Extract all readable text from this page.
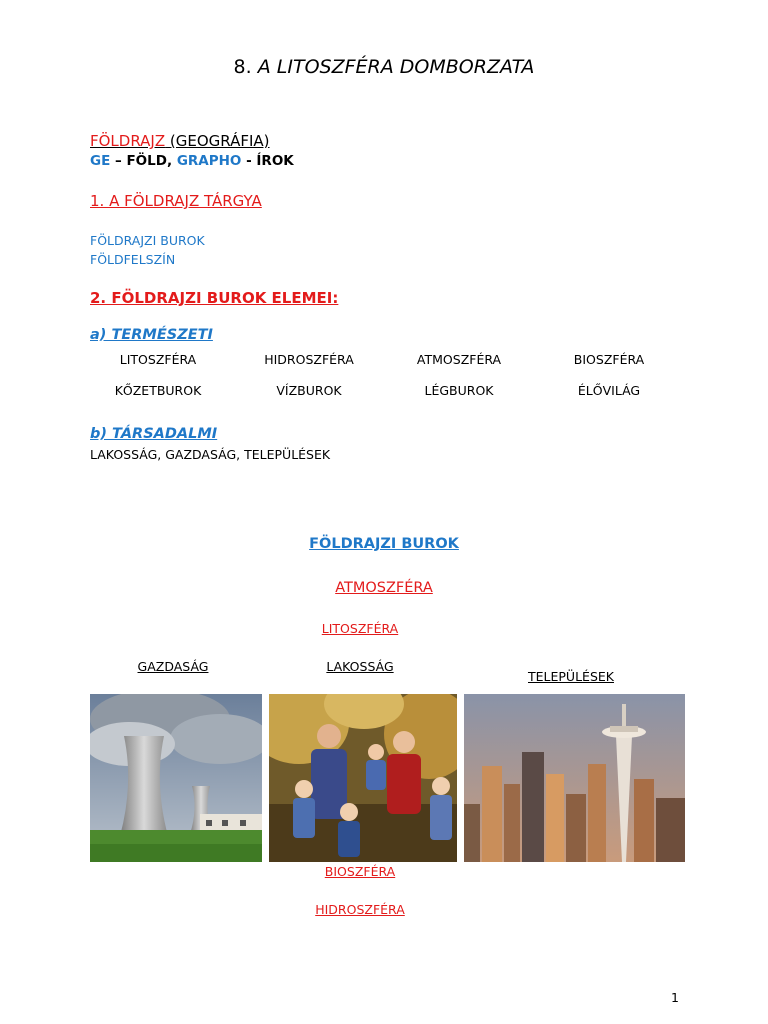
8. A LITOSZFÉRA DOMBORZATA
FÖLDRAJZ (GEOGRÁFIA)
GE – FÖLD, GRAPHO - ÍROK
1. A FÖLDRAJZ TÁRGYA
FÖLDRAJZI BUROK
FÖLDFELSZÍN
2. FÖLDRAJZI BUROK ELEMEI:
a) TERMÉSZETI
LITOSZFÉRA	HIDROSZFÉRA	ATMOSZFÉRA	BIOSZFÉRA
KŐZETBUROK	VÍZBUROK	LÉGBUROK	ÉLŐVILÁG
b) TÁRSADALMI
LAKOSSÁG, GAZDASÁG, TELEPÜLÉSEK
FÖLDRAJZI BUROK
ATMOSZFÉRA
LITOSZFÉRA
GAZDASÁG	LAKOSSÁG
TELEPÜLÉSEK
BIOSZFÉRA
HIDROSZFÉRA
1
